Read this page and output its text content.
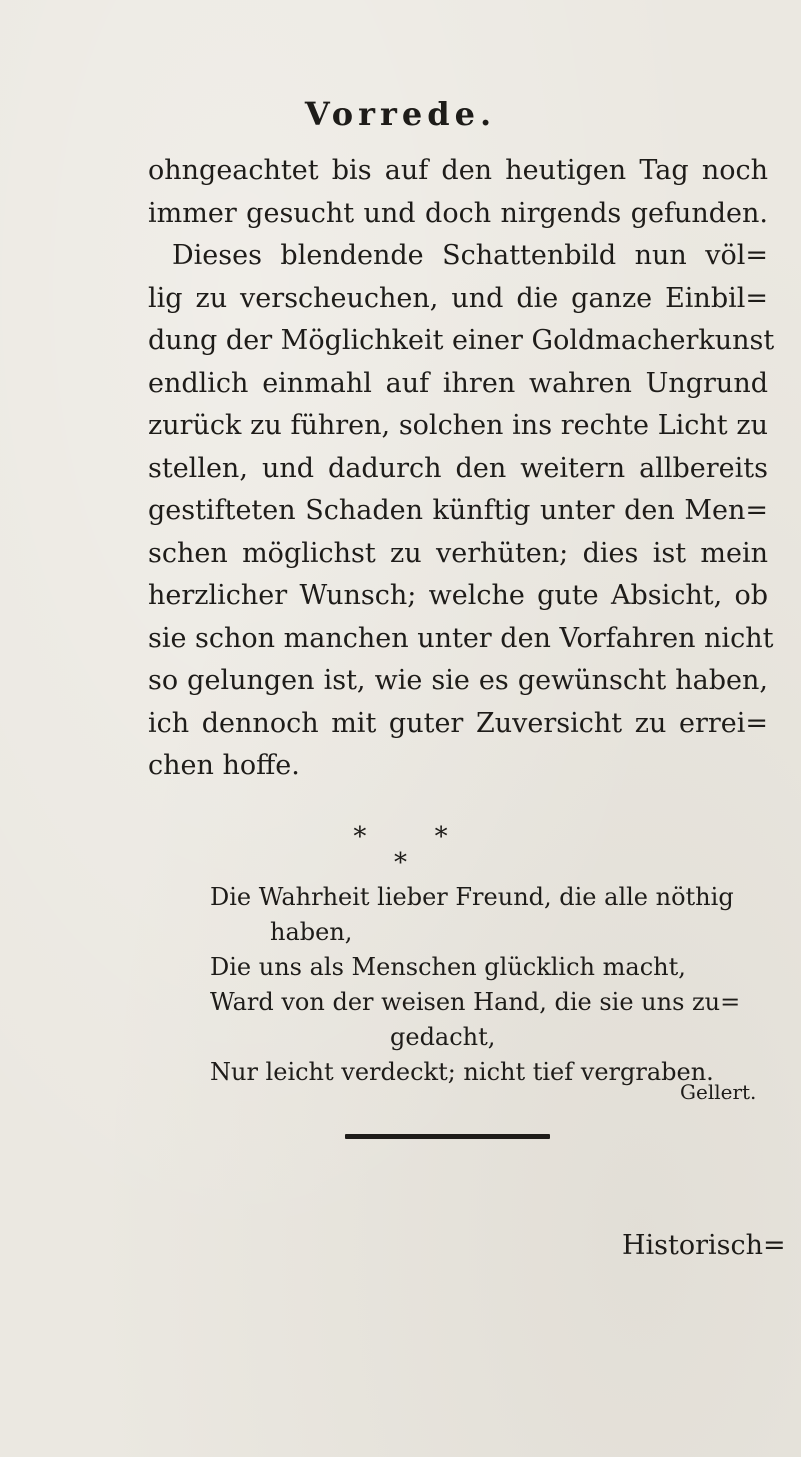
Vorrede.
ohngeachtet bis auf den heutigen Tag noch
immer gesucht und doch nirgends gefunden.
Dieses blendende Schattenbild nun völ=
lig zu verscheuchen, und die ganze Einbil=
dung der Möglichkeit einer Goldmacherkunst
endlich einmahl auf ihren wahren Ungrund
zurück zu führen, solchen ins rechte Licht zu
stellen, und dadurch den weitern allbereits
gestifteten Schaden künftig unter den Men=
schen möglichst zu verhüten; dies ist mein
herzlicher Wunsch; welche gute Absicht, ob
sie schon manchen unter den Vorfahren nicht
so gelungen ist, wie sie es gewünscht haben,
ich dennoch mit guter Zuversicht zu errei=
chen hoffe.
*	*
*
Die Wahrheit lieber Freund, die alle nöthig
haben,
Die uns als Menschen glücklich macht,
Ward von der weisen Hand, die sie uns zu=
gedacht,
Nur leicht verdeckt; nicht tief vergraben.
Gellert.
Historisch=
